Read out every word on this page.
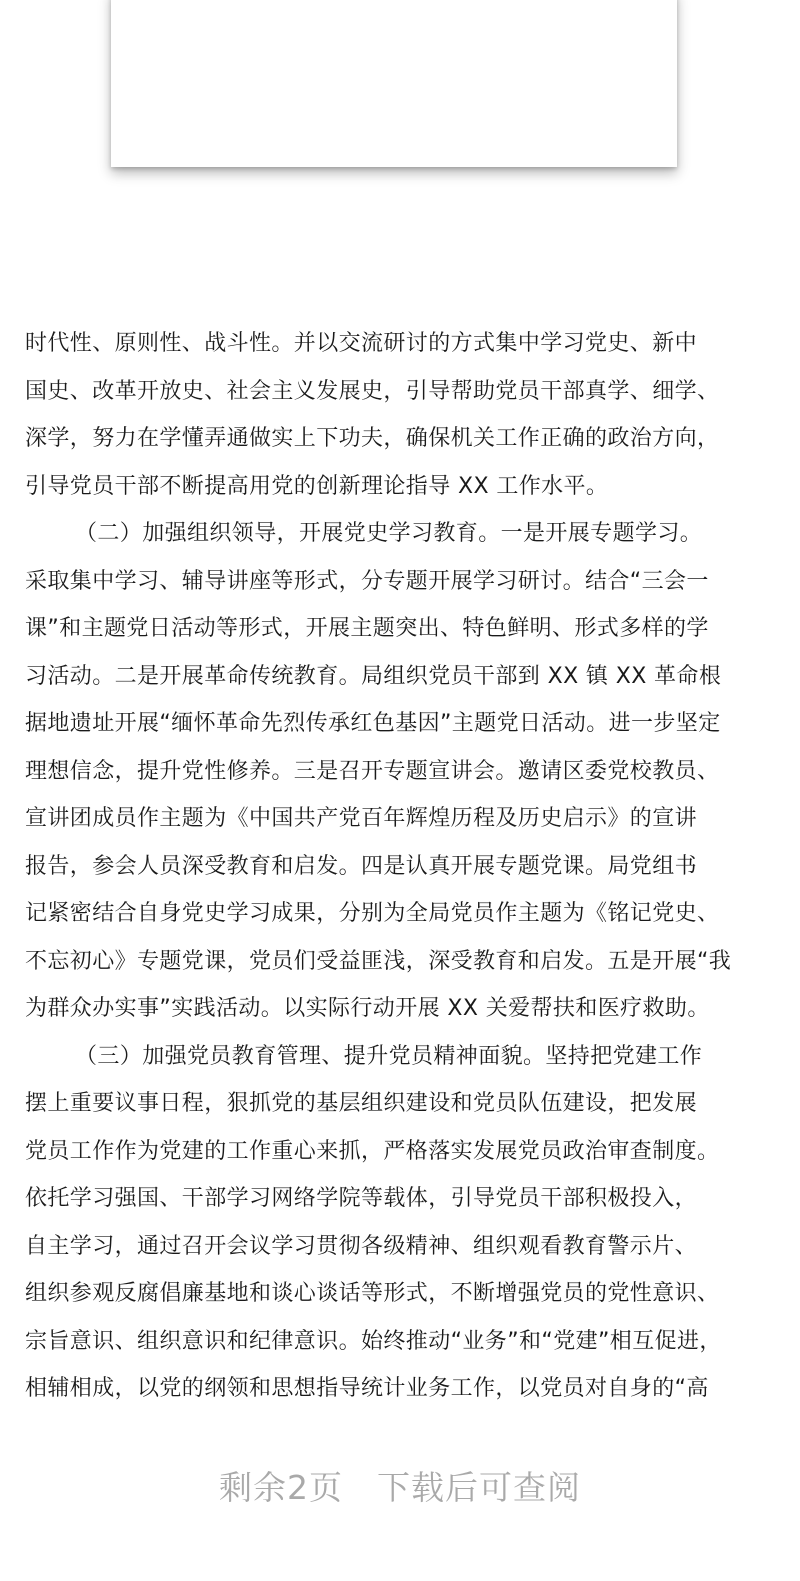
时代性、原则性、战斗性。并以交流研讨的方式集中学习党史、新中
国史、改革开放史、社会主义发展史，引导帮助党员干部真学、细学、
深学，努力在学懂弄通做实上下功夫，确保机关工作正确的政治方向，
引导党员干部不断提高用党的创新理论指导 XX 工作水平。
（二）加强组织领导，开展党史学习教育。一是开展专题学习。
采取集中学习、辅导讲座等形式，分专题开展学习研讨。结合“三会一
课”和主题党日活动等形式，开展主题突出、特色鲜明、形式多样的学
习活动。二是开展革命传统教育。局组织党员干部到 XX 镇 XX 革命根
据地遗址开展“缅怀革命先烈传承红色基因”主题党日活动。进一步坚定
理想信念，提升党性修养。三是召开专题宣讲会。邀请区委党校教员、
宣讲团成员作主题为《中国共产党百年辉煌历程及历史启示》的宣讲
报告，参会人员深受教育和启发。四是认真开展专题党课。局党组书
记紧密结合自身党史学习成果，分别为全局党员作主题为《铭记党史、
不忘初心》专题党课，党员们受益匪浅，深受教育和启发。五是开展“我
为群众办实事”实践活动。以实际行动开展 XX 关爱帮扶和医疗救助。
（三）加强党员教育管理、提升党员精神面貌。坚持把党建工作
摆上重要议事日程，狠抓党的基层组织建设和党员队伍建设，把发展
党员工作作为党建的工作重心来抓，严格落实发展党员政治审查制度。
依托学习强国、干部学习网络学院等载体，引导党员干部积极投入，
自主学习，通过召开会议学习贯彻各级精神、组织观看教育警示片、
组织参观反腐倡廉基地和谈心谈话等形式，不断增强党员的党性意识、
宗旨意识、组织意识和纪律意识。始终推动“业务”和“党建”相互促进，
相辅相成，以党的纲领和思想指导统计业务工作，以党员对自身的“高
剩余2页 下载后可查阅
